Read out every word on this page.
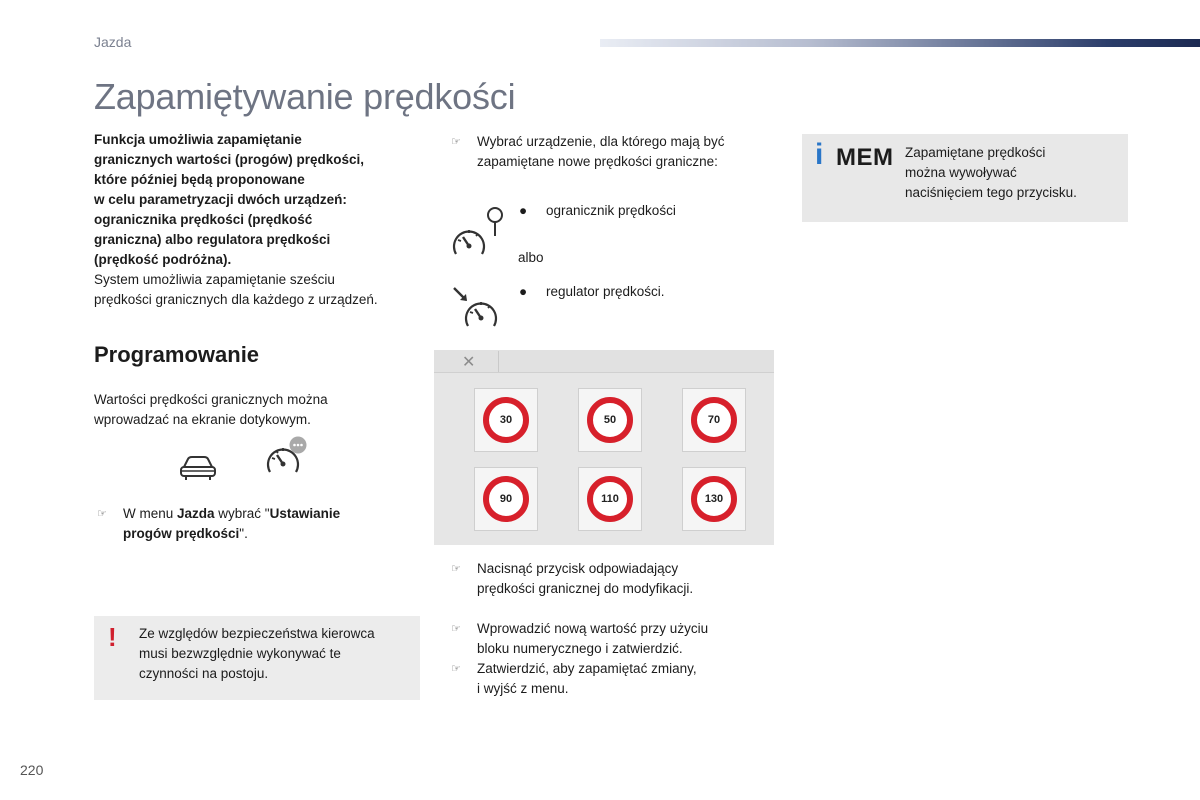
Jazda
Zapamiętywanie prędkości
Funkcja umożliwia zapamiętanie
granicznych wartości (progów) prędkości,
które później będą proponowane
w celu parametryzacji dwóch urządzeń:
ogranicznika prędkości (prędkość
graniczna) albo regulatora prędkości
(prędkość podróżna).
System umożliwia zapamiętanie sześciu
prędkości granicznych dla każdego z urządzeń.
Programowanie
Wartości prędkości granicznych można
wprowadzać na ekranie dotykowym.
☞ W menu Jazda wybrać "Ustawianie
progów prędkości".
! Ze względów bezpieczeństwa kierowca
musi bezwzględnie wykonywać te
czynności na postoju.
☞ Wybrać urządzenie, dla którego mają być
zapamiętane nowe prędkości graniczne:
● ogranicznik prędkości
albo
● regulator prędkości.
✕
30	50	70
90	110	130
☞ Nacisnąć przycisk odpowiadający
prędkości granicznej do modyfikacji.
☞ Wprowadzić nową wartość przy użyciu
bloku numerycznego i zatwierdzić.
☞ Zatwierdzić, aby zapamiętać zmiany,
i wyjść z menu.
i MEM Zapamiętane prędkości
można wywoływać
naciśnięciem tego przycisku.
220
